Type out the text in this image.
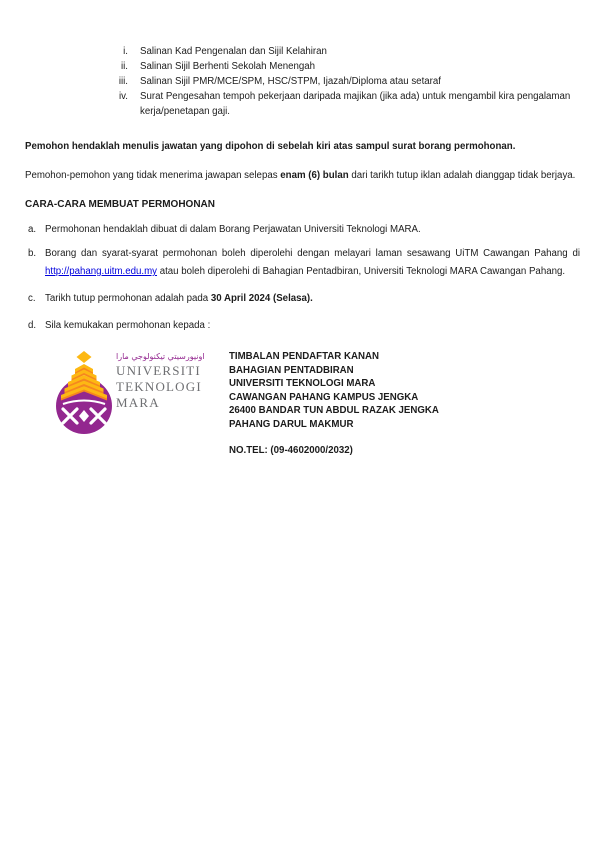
i. Salinan Kad Pengenalan dan Sijil Kelahiran
ii. Salinan Sijil Berhenti Sekolah Menengah
iii. Salinan Sijil PMR/MCE/SPM, HSC/STPM, Ijazah/Diploma atau setaraf
iv. Surat Pengesahan tempoh pekerjaan daripada majikan (jika ada) untuk mengambil kira pengalaman kerja/penetapan gaji.

Pemohon hendaklah menulis jawatan yang dipohon di sebelah kiri atas sampul surat borang permohonan.

Pemohon-pemohon yang tidak menerima jawapan selepas enam (6) bulan dari tarikh tutup iklan adalah dianggap tidak berjaya.

CARA-CARA MEMBUAT PERMOHONAN
a. Permohonan hendaklah dibuat di dalam Borang Perjawatan Universiti Teknologi MARA.
b. Borang dan syarat-syarat permohonan boleh diperolehi dengan melayari laman sesawang UiTM Cawangan Pahang di http://pahang.uitm.edu.my atau boleh diperolehi di Bahagian Pentadbiran, Universiti Teknologi MARA Cawangan Pahang.
c. Tarikh tutup permohonan adalah pada 30 April 2024 (Selasa).
d. Sila kemukakan permohonan kepada :
اونيورسيتي تيكنولوجي مارا
UNIVERSITI
TEKNOLOGI
MARA
TIMBALAN PENDAFTAR KANAN
BAHAGIAN PENTADBIRAN
UNIVERSITI TEKNOLOGI MARA
CAWANGAN PAHANG KAMPUS JENGKA
26400 BANDAR TUN ABDUL RAZAK JENGKA
PAHANG DARUL MAKMUR
NO.TEL: (09-4602000/2032)
